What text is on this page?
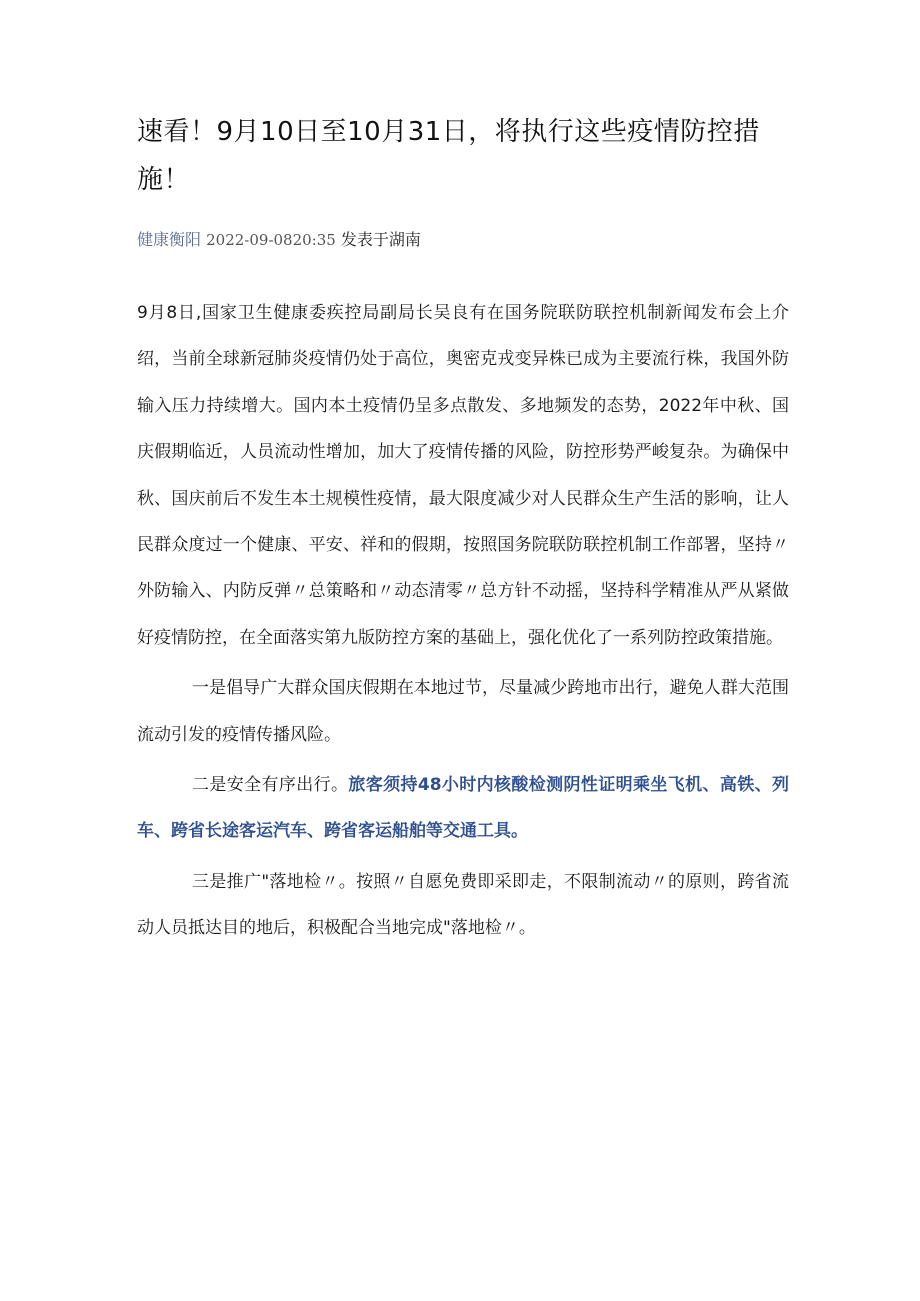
速看！9月10日至10月31日，将执行这些疫情防控措施！
健康衡阳 2022-09-0820:35 发表于湖南

9月8日,国家卫生健康委疾控局副局长吴良有在国务院联防联控机制新闻发布会上介绍，当前全球新冠肺炎疫情仍处于高位，奥密克戎变异株已成为主要流行株，我国外防输入压力持续增大。国内本土疫情仍呈多点散发、多地频发的态势，2022年中秋、国庆假期临近，人员流动性增加，加大了疫情传播的风险，防控形势严峻复杂。为确保中秋、国庆前后不发生本土规模性疫情，最大限度减少对人民群众生产生活的影响，让人民群众度过一个健康、平安、祥和的假期，按照国务院联防联控机制工作部署，坚持〃外防输入、内防反弹〃总策略和〃动态清零〃总方针不动摇，坚持科学精准从严从紧做好疫情防控，在全面落实第九版防控方案的基础上，强化优化了一系列防控政策措施。

一是倡导广大群众国庆假期在本地过节，尽量减少跨地市出行，避免人群大范围流动引发的疫情传播风险。

二是安全有序出行。旅客须持48小时内核酸检测阴性证明乘坐飞机、高铁、列车、跨省长途客运汽车、跨省客运船舶等交通工具。

三是推广"落地检〃。按照〃自愿免费即采即走，不限制流动〃的原则，跨省流动人员抵达目的地后，积极配合当地完成"落地检〃。
